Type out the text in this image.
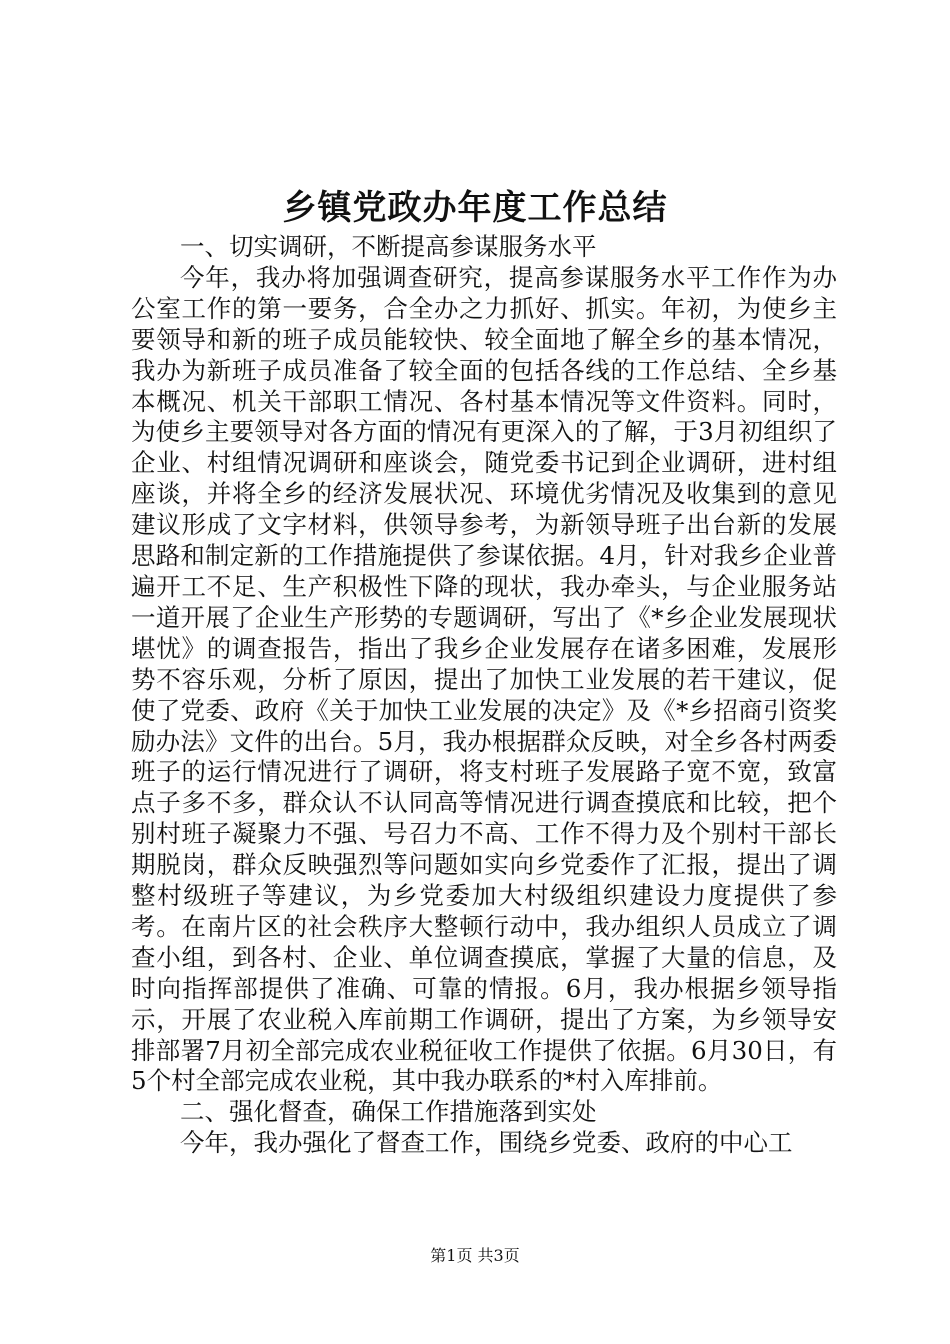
乡镇党政办年度工作总结

一、切实调研，不断提高参谋服务水平

今年，我办将加强调查研究，提高参谋服务水平工作作为办公室工作的第一要务，合全办之力抓好、抓实。年初，为使乡主要领导和新的班子成员能较快、较全面地了解全乡的基本情况，我办为新班子成员准备了较全面的包括各线的工作总结、全乡基本概况、机关干部职工情况、各村基本情况等文件资料。同时，为使乡主要领导对各方面的情况有更深入的了解，于3月初组织了企业、村组情况调研和座谈会，随党委书记到企业调研，进村组座谈，并将全乡的经济发展状况、环境优劣情况及收集到的意见建议形成了文字材料，供领导参考，为新领导班子出台新的发展思路和制定新的工作措施提供了参谋依据。4月，针对我乡企业普遍开工不足、生产积极性下降的现状，我办牵头，与企业服务站一道开展了企业生产形势的专题调研，写出了《*乡企业发展现状堪忧》的调查报告，指出了我乡企业发展存在诸多困难，发展形势不容乐观，分析了原因，提出了加快工业发展的若干建议，促使了党委、政府《关于加快工业发展的决定》及《*乡招商引资奖励办法》文件的出台。5月，我办根据群众反映，对全乡各村两委班子的运行情况进行了调研，将支村班子发展路子宽不宽，致富点子多不多，群众认不认同高等情况进行调查摸底和比较，把个别村班子凝聚力不强、号召力不高、工作不得力及个别村干部长期脱岗，群众反映强烈等问题如实向乡党委作了汇报，提出了调整村级班子等建议，为乡党委加大村级组织建设力度提供了参考。在南片区的社会秩序大整顿行动中，我办组织人员成立了调查小组，到各村、企业、单位调查摸底，掌握了大量的信息，及时向指挥部提供了准确、可靠的情报。6月，我办根据乡领导指示，开展了农业税入库前期工作调研，提出了方案，为乡领导安排部署7月初全部完成农业税征收工作提供了依据。6月30日，有5个村全部完成农业税，其中我办联系的*村入库排前。

二、强化督查，确保工作措施落到实处

今年，我办强化了督查工作，围绕乡党委、政府的中心工

第1页 共3页
